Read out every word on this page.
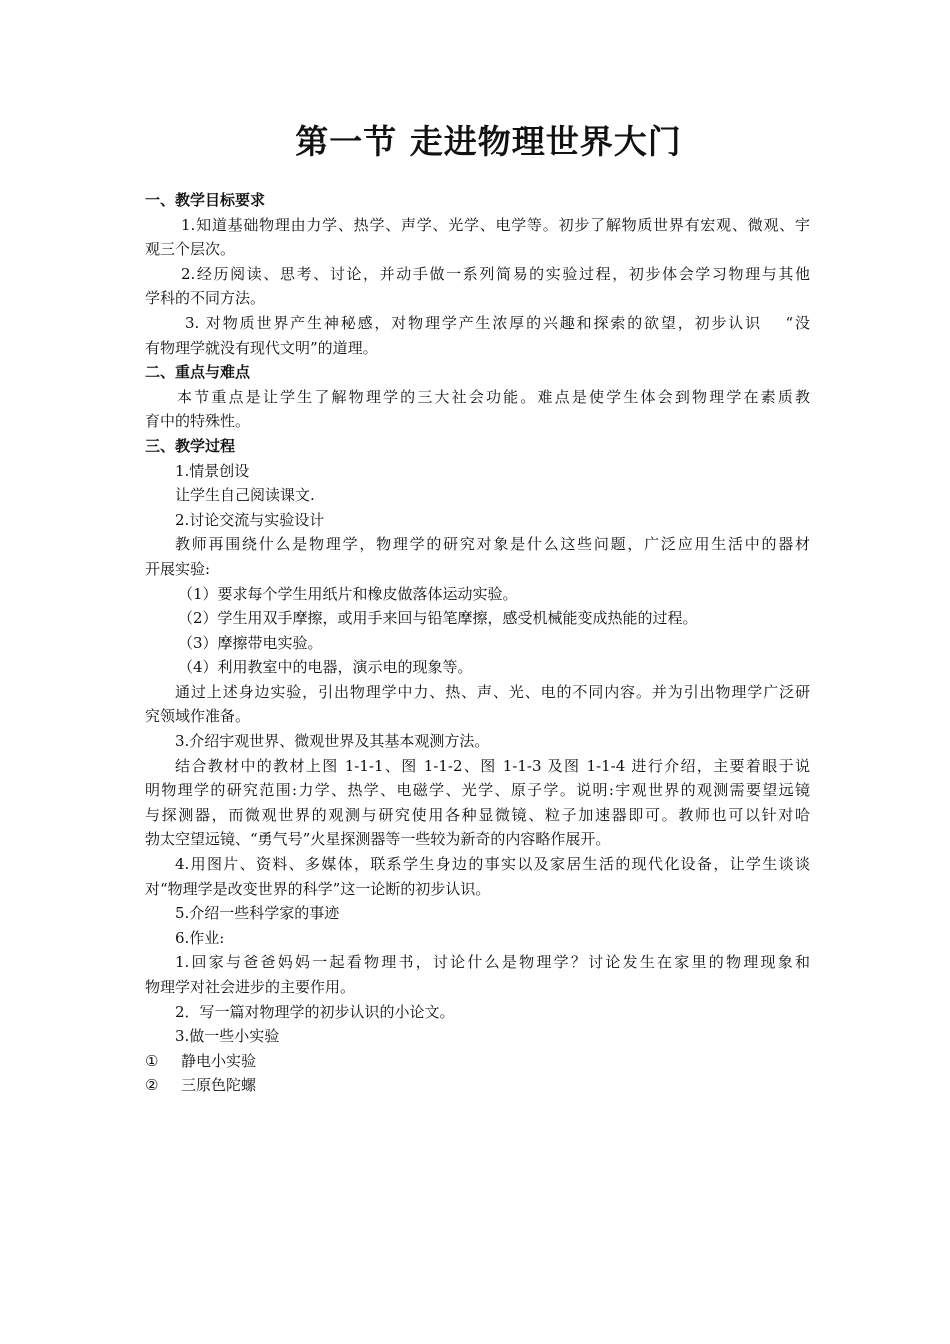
第一节 走进物理世界大门
一、教学目标要求
1.知道基础物理由力学、热学、声学、光学、电学等。初步了解物质世界有宏观、微观、宇
观三个层次。
2.经历阅读、思考、讨论，并动手做一系列简易的实验过程，初步体会学习物理与其他
学科的不同方法。
3. 对物质世界产生神秘感，对物理学产生浓厚的兴趣和探索的欲望，初步认识　 “没
有物理学就没有现代文明”的道理。
二、重点与难点
本节重点是让学生了解物理学的三大社会功能。难点是使学生体会到物理学在素质教
育中的特殊性。
三、教学过程
1.情景创设
让学生自己阅读课文.
2.讨论交流与实验设计
教师再围绕什么是物理学，物理学的研究对象是什么这些问题，广泛应用生活中的器材
开展实验:
（1）要求每个学生用纸片和橡皮做落体运动实验。
（2）学生用双手摩擦，或用手来回与铅笔摩擦，感受机械能变成热能的过程。
（3）摩擦带电实验。
（4）利用教室中的电器，演示电的现象等。
通过上述身边实验，引出物理学中力、热、声、光、电的不同内容。并为引出物理学广泛研
究领域作准备。
3.介绍宇观世界、微观世界及其基本观测方法。
结合教材中的教材上图 1-1-1、图 1-1-2、图 1-1-3 及图 1-1-4 进行介绍，主要着眼于说
明物理学的研究范围:力学、热学、电磁学、光学、原子学。说明:宇观世界的观测需要望远镜
与探测器，而微观世界的观测与研究使用各种显微镜、粒子加速器即可。教师也可以针对哈
勃太空望远镜、“勇气号”火星探测器等一些较为新奇的内容略作展开。
4.用图片、资料、多媒体，联系学生身边的事实以及家居生活的现代化设备，让学生谈谈
对“物理学是改变世界的科学”这一论断的初步认识。
5.介绍一些科学家的事迹
6.作业:
1.回家与爸爸妈妈一起看物理书，讨论什么是物理学？讨论发生在家里的物理现象和
物理学对社会进步的主要作用。
2．写一篇对物理学的初步认识的小论文。
3.做一些小实验
① 静电小实验
② 三原色陀螺
